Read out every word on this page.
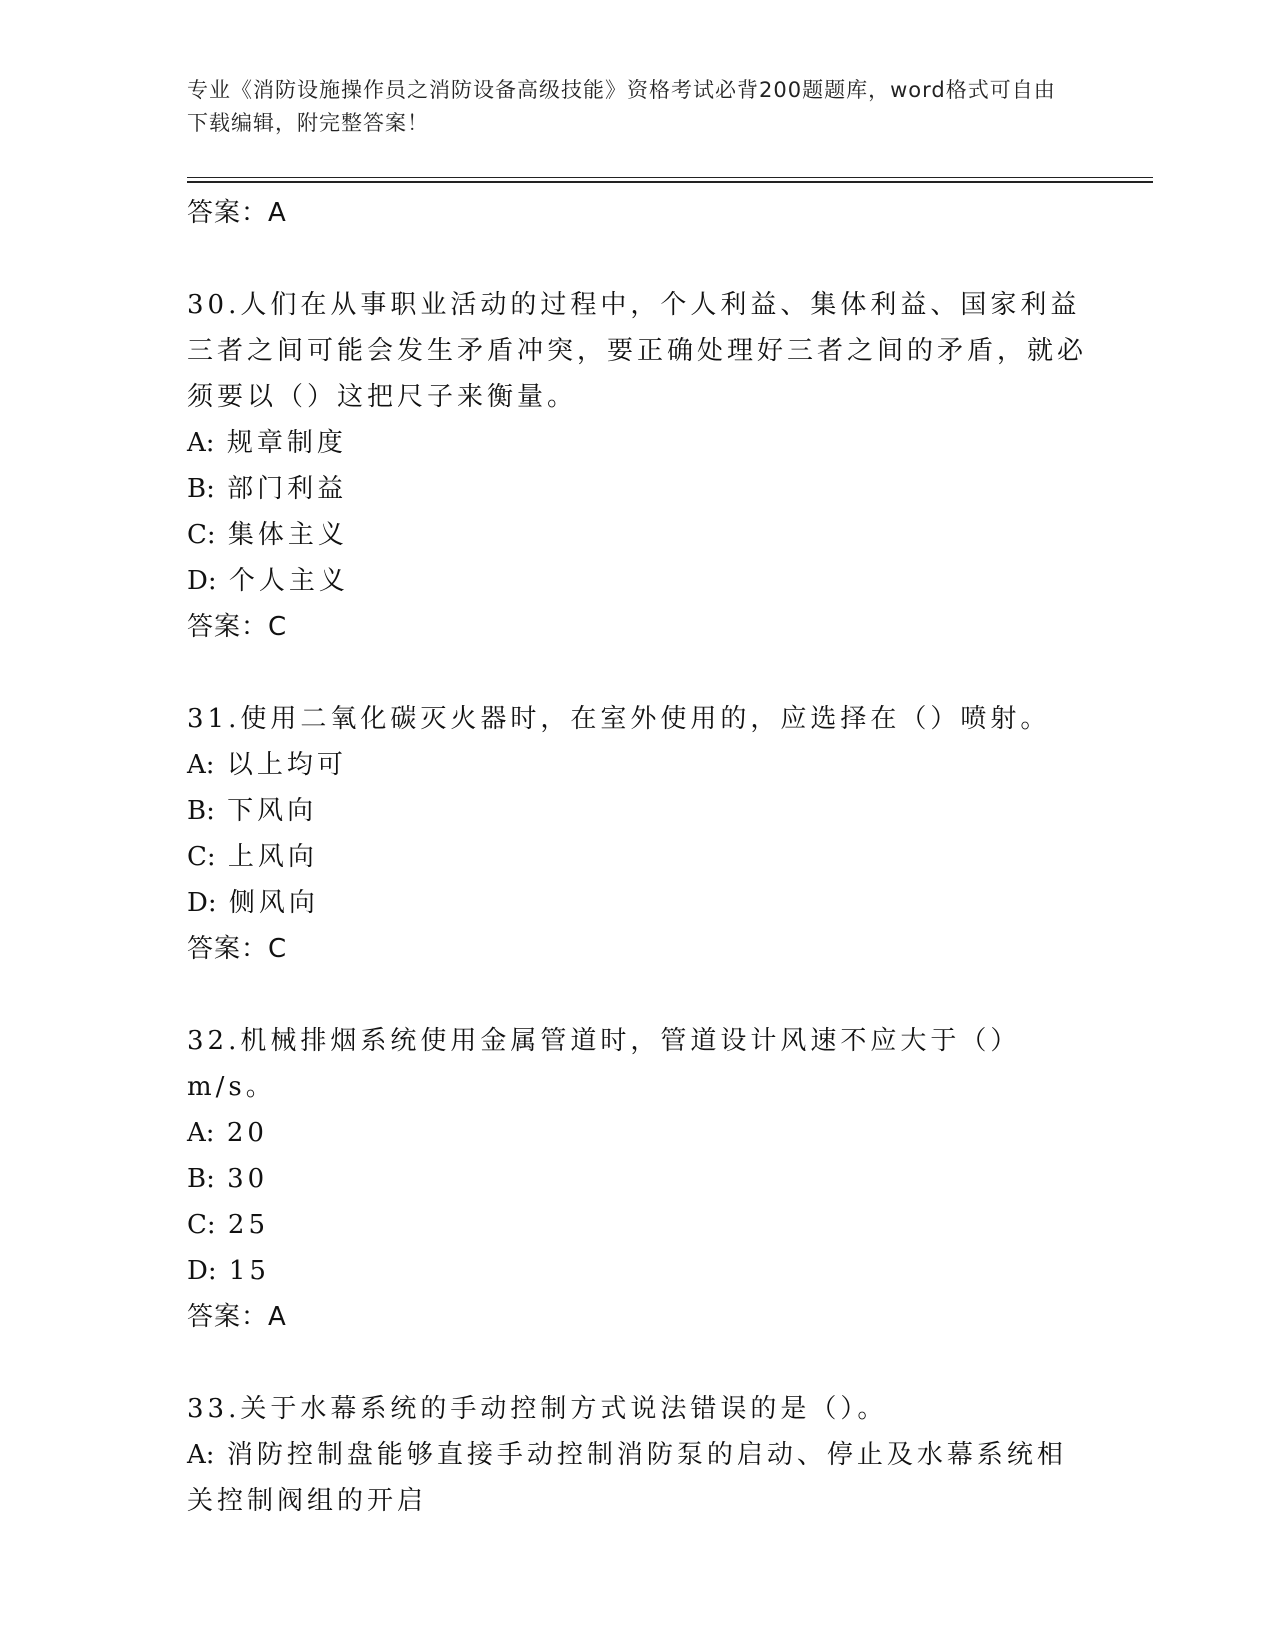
专业《消防设施操作员之消防设备高级技能》资格考试必背200题题库，word格式可自由下载编辑，附完整答案！
答案：A

30.人们在从事职业活动的过程中，个人利益、集体利益、国家利益三者之间可能会发生矛盾冲突，要正确处理好三者之间的矛盾，就必须要以（）这把尺子来衡量。

A: 规章制度
B: 部门利益
C: 集体主义
D: 个人主义
答案：C

31.使用二氧化碳灭火器时，在室外使用的，应选择在（）喷射。

A: 以上均可
B: 下风向
C: 上风向
D: 侧风向
答案：C

32.机械排烟系统使用金属管道时，管道设计风速不应大于（）m/s。

A: 20
B: 30
C: 25
D: 15
答案：A

33.关于水幕系统的手动控制方式说法错误的是（）。

A: 消防控制盘能够直接手动控制消防泵的启动、停止及水幕系统相关控制阀组的开启
